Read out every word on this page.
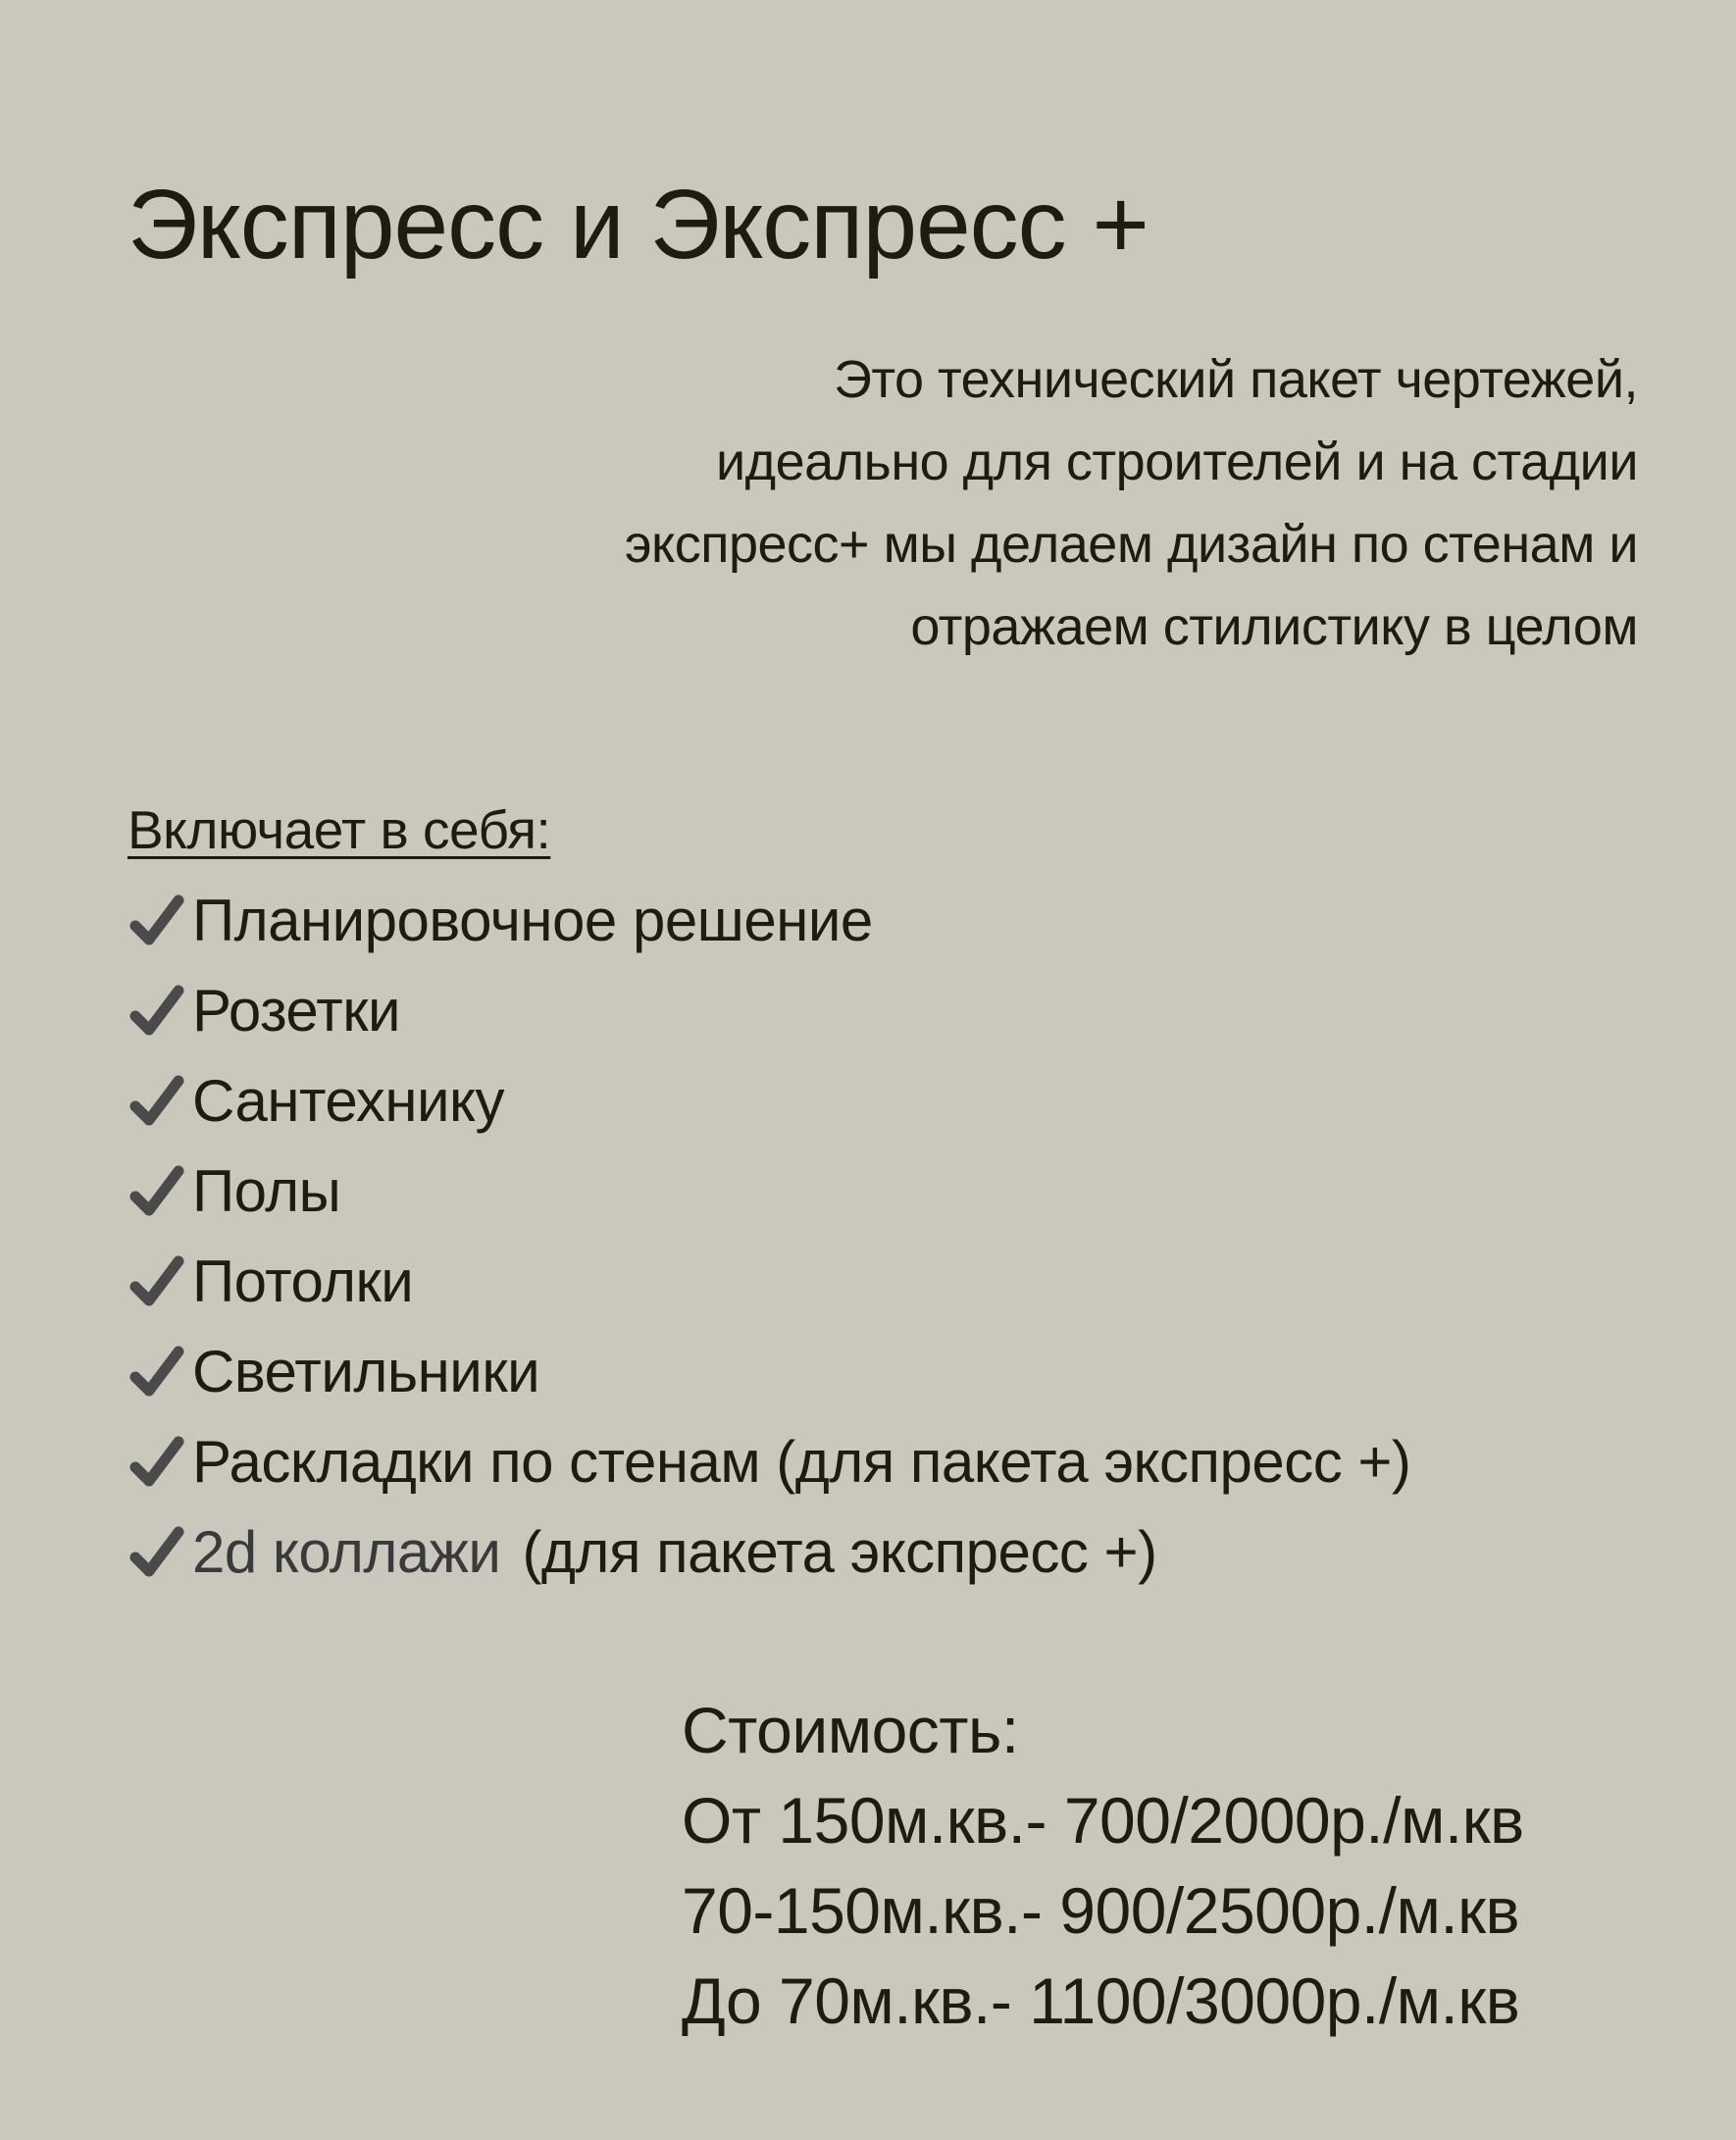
Экспресс и Экспресс +
Это технический пакет чертежей,
идеально для строителей и на стадии
экспресс+ мы делаем дизайн по стенам и
отражаем стилистику в целом
Включает в себя:
Планировочное решение
Розетки
Сантехнику
Полы
Потолки
Светильники
Раскладки по стенам (для пакета экспресс +)
2d коллажи (для пакета экспресс +)
Стоимость:
От 150м.кв.- 700/2000р./м.кв
70-150м.кв.- 900/2500р./м.кв
До 70м.кв.- 1100/3000р./м.кв
